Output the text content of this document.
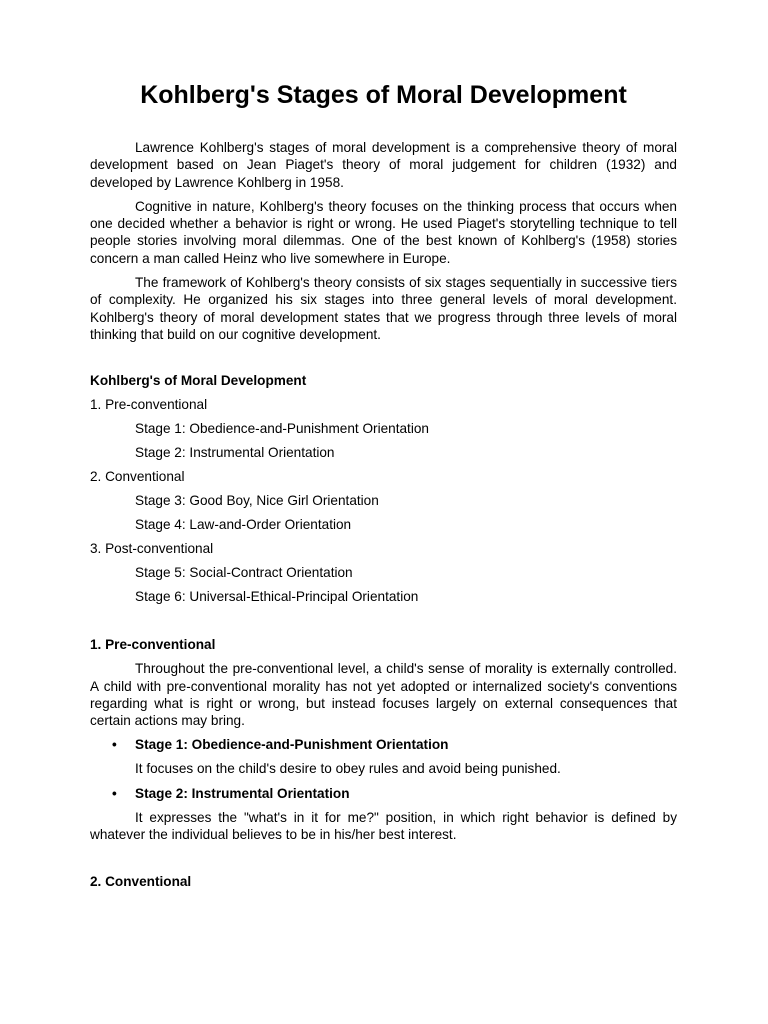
Kohlberg's Stages of Moral Development

Lawrence Kohlberg's stages of moral development is a comprehensive theory of moral development based on Jean Piaget's theory of moral judgement for children (1932) and developed by Lawrence Kohlberg in 1958.

Cognitive in nature, Kohlberg's theory focuses on the thinking process that occurs when one decided whether a behavior is right or wrong. He used Piaget's storytelling technique to tell people stories involving moral dilemmas. One of the best known of Kohlberg's (1958) stories concern a man called Heinz who live somewhere in Europe.

The framework of Kohlberg's theory consists of six stages sequentially in successive tiers of complexity. He organized his six stages into three general levels of moral development. Kohlberg's theory of moral development states that we progress through three levels of moral thinking that build on our cognitive development.

Kohlberg's of Moral Development

1. Pre-conventional

Stage 1: Obedience-and-Punishment Orientation

Stage 2: Instrumental Orientation

2. Conventional

Stage 3: Good Boy, Nice Girl Orientation

Stage 4: Law-and-Order Orientation

3. Post-conventional

Stage 5: Social-Contract Orientation

Stage 6: Universal-Ethical-Principal Orientation

1. Pre-conventional

Throughout the pre-conventional level, a child's sense of morality is externally controlled. A child with pre-conventional morality has not yet adopted or internalized society's conventions regarding what is right or wrong, but instead focuses largely on external consequences that certain actions may bring.

•	Stage 1: Obedience-and-Punishment Orientation

It focuses on the child's desire to obey rules and avoid being punished.

•	Stage 2: Instrumental Orientation

It expresses the "what's in it for me?" position, in which right behavior is defined by whatever the individual believes to be in his/her best interest.

2. Conventional
